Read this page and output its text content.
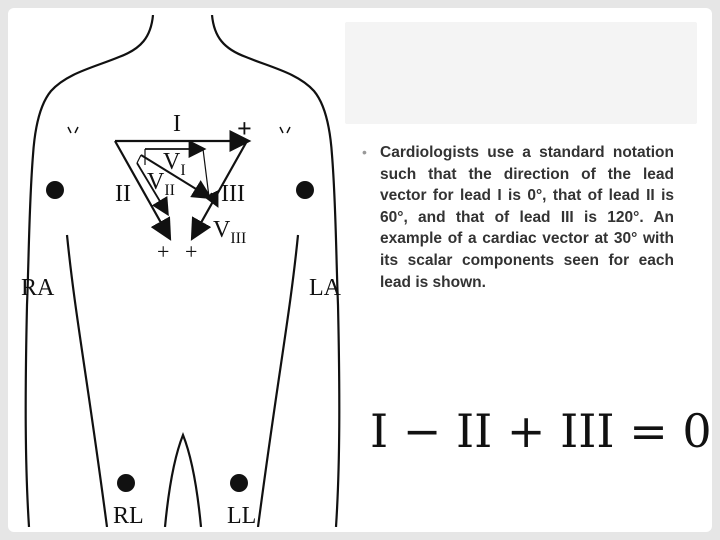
I
II	III
+
+ +
$V_I$
$V_{II}$
$V_{III}$
RA	LA
RL	LL
• Cardiologists use a standard notation such that the direction of the lead vector for lead I is 0°, that of lead II is 60°, and that of lead III is 120°. An example of a cardiac vector at 30° with its scalar components seen for each lead is shown.
I − II + III = 0
